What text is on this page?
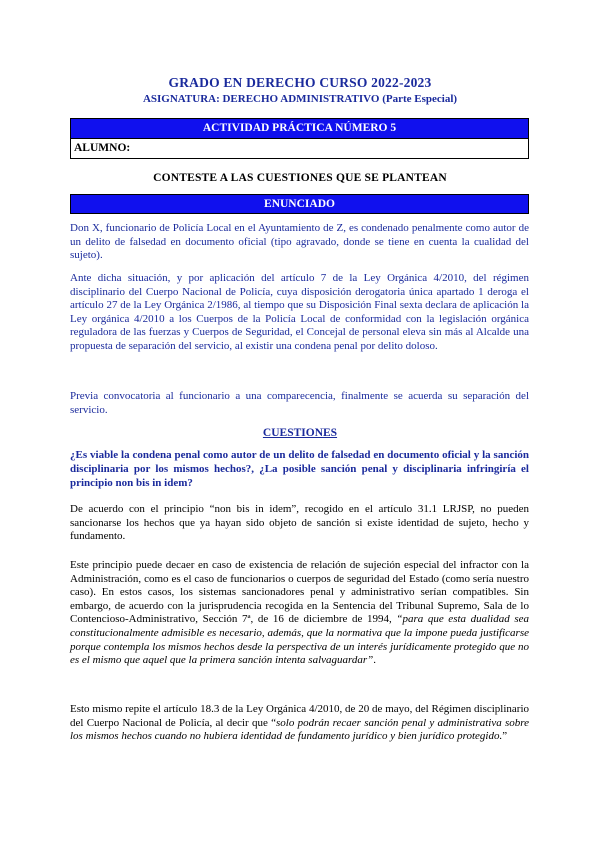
GRADO EN DERECHO CURSO 2022-2023
ASIGNATURA: DERECHO ADMINISTRATIVO (Parte Especial)
ACTIVIDAD PRÁCTICA NÚMERO 5
ALUMNO:
CONTESTE A LAS CUESTIONES QUE SE PLANTEAN
ENUNCIADO
Don X, funcionario de Policía Local en el Ayuntamiento de Z, es condenado penalmente como autor de un delito de falsedad en documento oficial (tipo agravado, donde se tiene en cuenta la cualidad del sujeto).
Ante dicha situación, y por aplicación del artículo 7 de la Ley Orgánica 4/2010, del régimen disciplinario del Cuerpo Nacional de Policía, cuya disposición derogatoria única apartado 1 deroga el artículo 27 de la Ley Orgánica 2/1986, al tiempo que su Disposición Final sexta declara de aplicación la Ley orgánica 4/2010 a los Cuerpos de la Policía Local de conformidad con la legislación orgánica reguladora de las fuerzas y Cuerpos de Seguridad, el Concejal de personal eleva sin más al Alcalde una propuesta de separación del servicio, al existir una condena penal por delito doloso.
Previa convocatoria al funcionario a una comparecencia, finalmente se acuerda su separación del servicio.
CUESTIONES
¿Es viable la condena penal como autor de un delito de falsedad en documento oficial y la sanción disciplinaria por los mismos hechos?, ¿La posible sanción penal y disciplinaria infringiría el principio non bis in idem?
De acuerdo con el principio “non bis in idem”, recogido en el artículo 31.1 LRJSP, no pueden sancionarse los hechos que ya hayan sido objeto de sanción si existe identidad de sujeto, hecho y fundamento.
Este principio puede decaer en caso de existencia de relación de sujeción especial del infractor con la Administración, como es el caso de funcionarios o cuerpos de seguridad del Estado (como sería nuestro caso). En estos casos, los sistemas sancionadores penal y administrativo serían compatibles. Sin embargo, de acuerdo con la jurisprudencia recogida en la Sentencia del Tribunal Supremo, Sala de lo Contencioso-Administrativo, Sección 7ª, de 16 de diciembre de 1994, “para que esta dualidad sea constitucionalmente admisible es necesario, además, que la normativa que la impone pueda justificarse porque contempla los mismos hechos desde la perspectiva de un interés jurídicamente protegido que no es el mismo que aquel que la primera sanción intenta salvaguardar”.
Esto mismo repite el artículo 18.3 de la Ley Orgánica 4/2010, de 20 de mayo, del Régimen disciplinario del Cuerpo Nacional de Policía, al decir que “solo podrán recaer sanción penal y administrativa sobre los mismos hechos cuando no hubiera identidad de fundamento jurídico y bien jurídico protegido.”
